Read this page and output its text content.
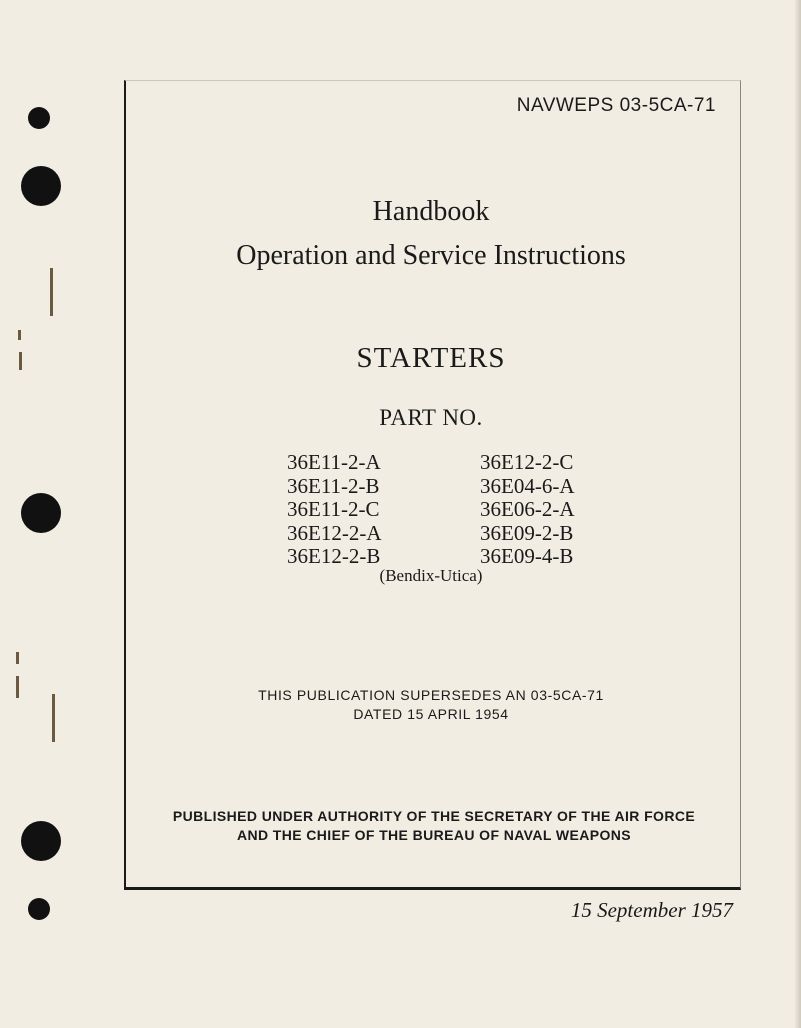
NAVWEPS 03-5CA-71
Handbook
Operation and Service Instructions
STARTERS
PART NO.
36E11-2-A	36E12-2-C
36E11-2-B	36E04-6-A
36E11-2-C	36E06-2-A
36E12-2-A	36E09-2-B
36E12-2-B	36E09-4-B
(Bendix-Utica)
THIS PUBLICATION SUPERSEDES AN 03-5CA-71
DATED 15 APRIL 1954
PUBLISHED UNDER AUTHORITY OF THE SECRETARY OF THE AIR FORCE
AND THE CHIEF OF THE BUREAU OF NAVAL WEAPONS
15 September 1957
